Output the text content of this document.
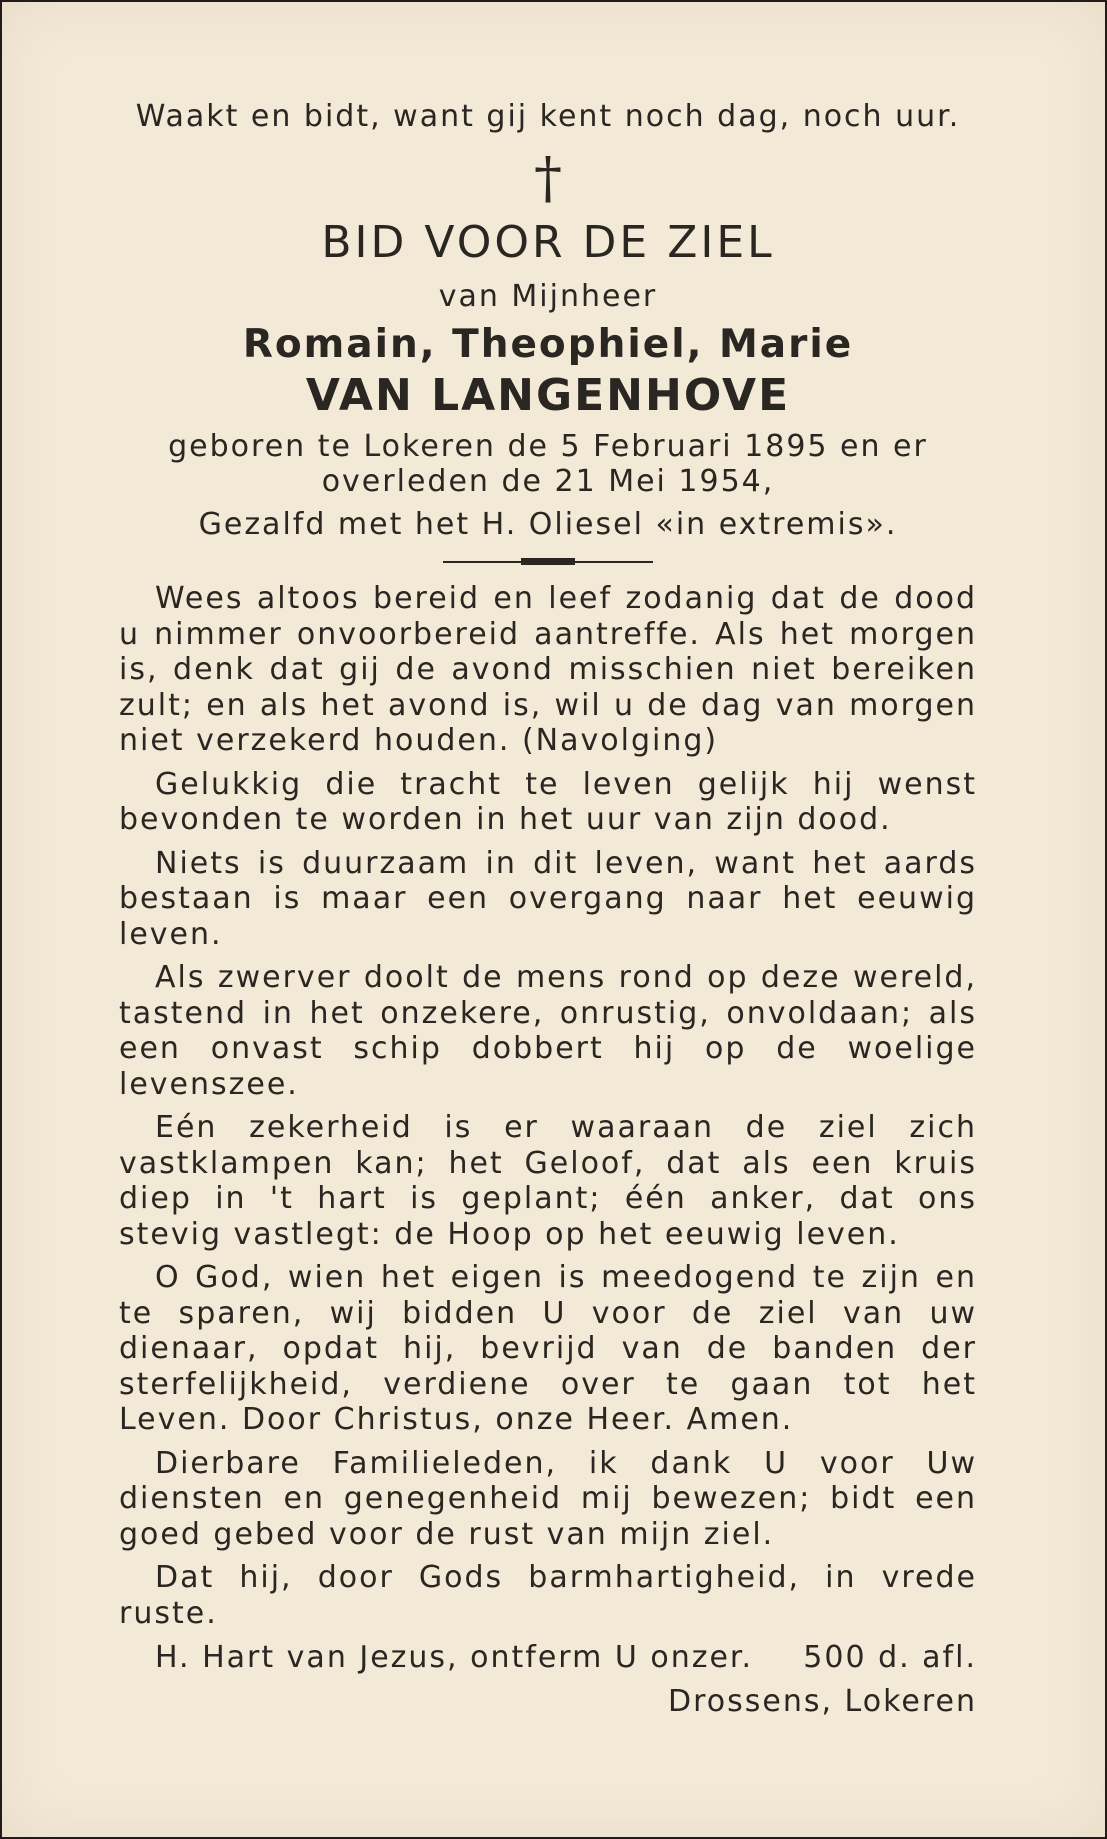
Waakt en bidt, want gij kent noch dag, noch uur.

†
BID VOOR DE ZIEL

van Mijnheer

Romain, Theophiel, Marie

VAN LANGENHOVE

geboren te Lokeren de 5 Februari 1895 en er

overleden de 21 Mei 1954,

Gezalfd met het H. Oliesel «in extremis».

Wees altoos bereid en leef zodanig dat de dood u nimmer onvoorbereid aantreffe. Als het morgen is, denk dat gij de avond misschien niet bereiken zult; en als het avond is, wil u de dag van morgen niet verzekerd houden. (Navolging)

Gelukkig die tracht te leven gelijk hij wenst bevonden te worden in het uur van zijn dood.

Niets is duurzaam in dit leven, want het aards bestaan is maar een overgang naar het eeuwig leven.

Als zwerver doolt de mens rond op deze wereld, tastend in het onzekere, onrustig, onvoldaan; als een onvast schip dobbert hij op de woelige levenszee.

Eén zekerheid is er waaraan de ziel zich vastklampen kan; het Geloof, dat als een kruis diep in 't hart is geplant; één anker, dat ons stevig vastlegt: de Hoop op het eeuwig leven.

O God, wien het eigen is meedogend te zijn en te sparen, wij bidden U voor de ziel van uw dienaar, opdat hij, bevrijd van de banden der sterfelijkheid, verdiene over te gaan tot het Leven. Door Christus, onze Heer. Amen.

Dierbare Familieleden, ik dank U voor Uw diensten en genegenheid mij bewezen; bidt een goed gebed voor de rust van mijn ziel.

Dat hij, door Gods barmhartigheid, in vrede ruste.

H. Hart van Jezus, ontferm U onzer. 500 d. afl.

Drossens, Lokeren
